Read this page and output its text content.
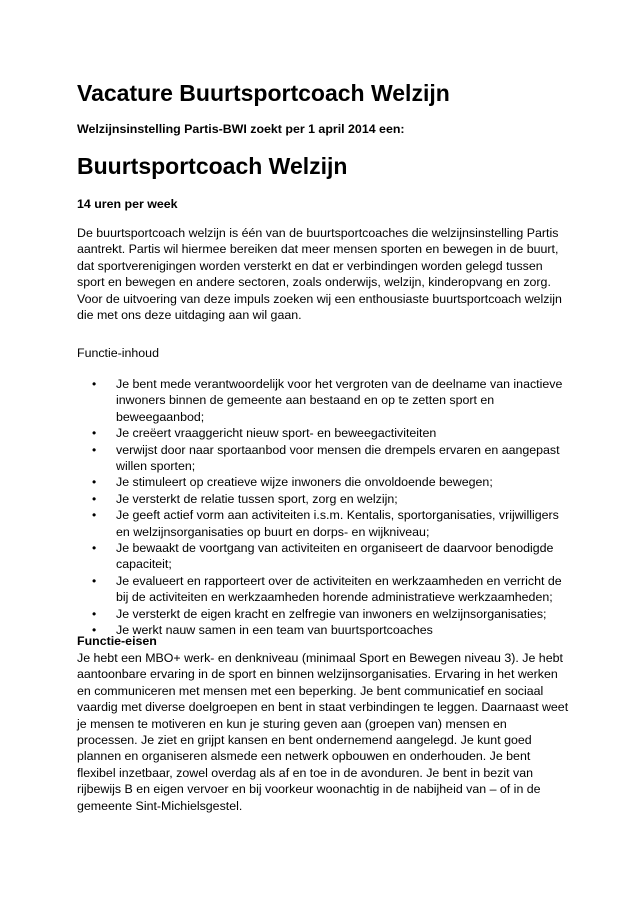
Vacature Buurtsportcoach Welzijn
Welzijnsinstelling Partis-BWI zoekt per 1 april 2014 een:
Buurtsportcoach Welzijn
14 uren per week

De buurtsportcoach welzijn is één van de buurtsportcoaches die welzijnsinstelling Partis aantrekt. Partis wil hiermee bereiken dat meer mensen sporten en bewegen in de buurt, dat sportverenigingen worden versterkt en dat er verbindingen worden gelegd tussen sport en bewegen en andere sectoren, zoals onderwijs, welzijn, kinderopvang en zorg.

Voor de uitvoering van deze impuls zoeken wij een enthousiaste buurtsportcoach welzijn die met ons deze uitdaging aan wil gaan.

Functie-inhoud
• Je bent mede verantwoordelijk voor het vergroten van de deelname van inactieve inwoners binnen de gemeente aan bestaand en op te zetten sport en beweegaanbod;
• Je creëert vraaggericht nieuw sport- en beweegactiviteiten
• verwijst door naar sportaanbod voor mensen die drempels ervaren en aangepast willen sporten;
• Je stimuleert op creatieve wijze inwoners die onvoldoende bewegen;
• Je versterkt de relatie tussen sport, zorg en welzijn;
• Je geeft actief vorm aan activiteiten i.s.m. Kentalis, sportorganisaties, vrijwilligers en welzijnsorganisaties op buurt en dorps- en wijkniveau;
• Je bewaakt de voortgang van activiteiten en organiseert de daarvoor benodigde capaciteit;
• Je evalueert en rapporteert over de activiteiten en werkzaamheden en verricht de bij de activiteiten en werkzaamheden horende administratieve werkzaamheden;
• Je versterkt de eigen kracht en zelfregie van inwoners en welzijnsorganisaties;
• Je werkt nauw samen in een team van buurtsportcoaches
Functie-eisen

Je hebt een MBO+ werk- en denkniveau (minimaal Sport en Bewegen niveau 3). Je hebt aantoonbare ervaring in de sport en binnen welzijnsorganisaties. Ervaring in het werken en communiceren met mensen met een beperking. Je bent communicatief en sociaal vaardig met diverse doelgroepen en bent in staat verbindingen te leggen. Daarnaast weet je mensen te motiveren en kun je sturing geven aan (groepen van) mensen en processen. Je ziet en grijpt kansen en bent ondernemend aangelegd. Je kunt goed plannen en organiseren alsmede een netwerk opbouwen en onderhouden. Je bent flexibel inzetbaar, zowel overdag als af en toe in de avonduren. Je bent in bezit van rijbewijs B en eigen vervoer en bij voorkeur woonachtig in de nabijheid van – of in de gemeente Sint-Michielsgestel.
